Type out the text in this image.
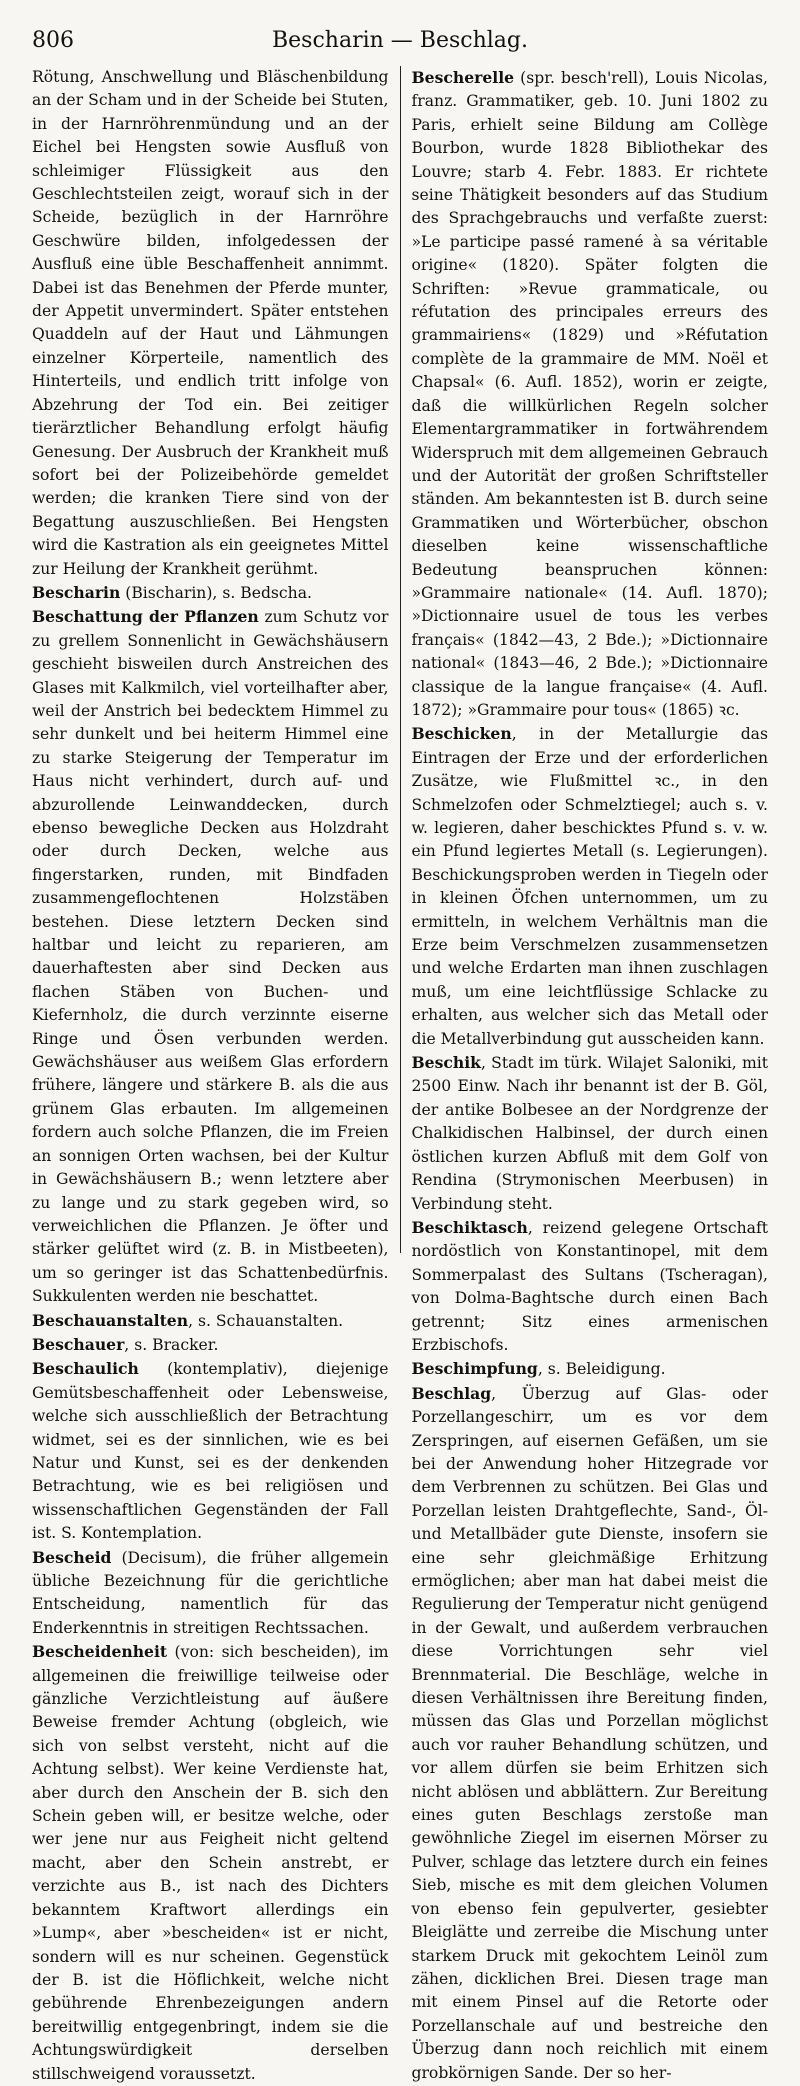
806	Bescharin — Beschlag.

Rötung, Anschwellung und Bläschenbildung an der Scham und in der Scheide bei Stuten, in der Harnröhrenmündung und an der Eichel bei Hengsten sowie Ausfluß von schleimiger Flüssigkeit aus den Geschlechtsteilen zeigt, worauf sich in der Scheide, bezüglich in der Harnröhre Geschwüre bilden, infolgedessen der Ausfluß eine üble Beschaffenheit annimmt. Dabei ist das Benehmen der Pferde munter, der Appetit unvermindert. Später entstehen Quaddeln auf der Haut und Lähmungen einzelner Körperteile, namentlich des Hinterteils, und endlich tritt infolge von Abzehrung der Tod ein. Bei zeitiger tierärztlicher Behandlung erfolgt häufig Genesung. Der Ausbruch der Krankheit muß sofort bei der Polizeibehörde gemeldet werden; die kranken Tiere sind von der Begattung auszuschließen. Bei Hengsten wird die Kastration als ein geeignetes Mittel zur Heilung der Krankheit gerühmt.

Bescharin (Bischarin), s. Bedscha.

Beschattung der Pflanzen zum Schutz vor zu grellem Sonnenlicht in Gewächshäusern geschieht bisweilen durch Anstreichen des Glases mit Kalkmilch, viel vorteilhafter aber, weil der Anstrich bei bedecktem Himmel zu sehr dunkelt und bei heiterm Himmel eine zu starke Steigerung der Temperatur im Haus nicht verhindert, durch auf- und abzurollende Leinwanddecken, durch ebenso bewegliche Decken aus Holzdraht oder durch Decken, welche aus fingerstarken, runden, mit Bindfaden zusammengeflochtenen Holzstäben bestehen. Diese letztern Decken sind haltbar und leicht zu reparieren, am dauerhaftesten aber sind Decken aus flachen Stäben von Buchen- und Kiefernholz, die durch verzinnte eiserne Ringe und Ösen verbunden werden. Gewächshäuser aus weißem Glas erfordern frühere, längere und stärkere B. als die aus grünem Glas erbauten. Im allgemeinen fordern auch solche Pflanzen, die im Freien an sonnigen Orten wachsen, bei der Kultur in Gewächshäusern B.; wenn letztere aber zu lange und zu stark gegeben wird, so verweichlichen die Pflanzen. Je öfter und stärker gelüftet wird (z. B. in Mistbeeten), um so geringer ist das Schattenbedürfnis. Sukkulenten werden nie beschattet.

Beschauanstalten, s. Schauanstalten.

Beschauer, s. Bracker.

Beschaulich (kontemplativ), diejenige Gemütsbeschaffenheit oder Lebensweise, welche sich ausschließlich der Betrachtung widmet, sei es der sinnlichen, wie es bei Natur und Kunst, sei es der denkenden Betrachtung, wie es bei religiösen und wissenschaftlichen Gegenständen der Fall ist. S. Kontemplation.

Bescheid (Decisum), die früher allgemein übliche Bezeichnung für die gerichtliche Entscheidung, namentlich für das Enderkenntnis in streitigen Rechtssachen.

Bescheidenheit (von: sich bescheiden), im allgemeinen die freiwillige teilweise oder gänzliche Verzichtleistung auf äußere Beweise fremder Achtung (obgleich, wie sich von selbst versteht, nicht auf die Achtung selbst). Wer keine Verdienste hat, aber durch den Anschein der B. sich den Schein geben will, er besitze welche, oder wer jene nur aus Feigheit nicht geltend macht, aber den Schein anstrebt, er verzichte aus B., ist nach des Dichters bekanntem Kraftwort allerdings ein »Lump«, aber »bescheiden« ist er nicht, sondern will es nur scheinen. Gegenstück der B. ist die Höflichkeit, welche nicht gebührende Ehrenbezeigungen andern bereitwillig entgegenbringt, indem sie die Achtungswürdigkeit derselben stillschweigend voraussetzt.

Bescherelle (spr. besch'rell), Louis Nicolas, franz. Grammatiker, geb. 10. Juni 1802 zu Paris, erhielt seine Bildung am Collège Bourbon, wurde 1828 Bibliothekar des Louvre; starb 4. Febr. 1883. Er richtete seine Thätigkeit besonders auf das Studium des Sprachgebrauchs und verfaßte zuerst: »Le participe passé ramené à sa véritable origine« (1820). Später folgten die Schriften: »Revue grammaticale, ou réfutation des principales erreurs des grammairiens« (1829) und »Réfutation complète de la grammaire de MM. Noël et Chapsal« (6. Aufl. 1852), worin er zeigte, daß die willkürlichen Regeln solcher Elementargrammatiker in fortwährendem Widerspruch mit dem allgemeinen Gebrauch und der Autorität der großen Schriftsteller ständen. Am bekanntesten ist B. durch seine Grammatiken und Wörterbücher, obschon dieselben keine wissenschaftliche Bedeutung beanspruchen können: »Grammaire nationale« (14. Aufl. 1870); »Dictionnaire usuel de tous les verbes français« (1842—43, 2 Bde.); »Dictionnaire national« (1843—46, 2 Bde.); »Dictionnaire classique de la langue française« (4. Aufl. 1872); »Grammaire pour tous« (1865) ꝛc.

Beschicken, in der Metallurgie das Eintragen der Erze und der erforderlichen Zusätze, wie Flußmittel ꝛc., in den Schmelzofen oder Schmelztiegel; auch s. v. w. legieren, daher beschicktes Pfund s. v. w. ein Pfund legiertes Metall (s. Legierungen). Beschickungsproben werden in Tiegeln oder in kleinen Öfchen unternommen, um zu ermitteln, in welchem Verhältnis man die Erze beim Verschmelzen zusammensetzen und welche Erdarten man ihnen zuschlagen muß, um eine leichtflüssige Schlacke zu erhalten, aus welcher sich das Metall oder die Metallverbindung gut ausscheiden kann.

Beschik, Stadt im türk. Wilajet Saloniki, mit 2500 Einw. Nach ihr benannt ist der B. Göl, der antike Bolbesee an der Nordgrenze der Chalkidischen Halbinsel, der durch einen östlichen kurzen Abfluß mit dem Golf von Rendina (Strymonischen Meerbusen) in Verbindung steht.

Beschiktasch, reizend gelegene Ortschaft nordöstlich von Konstantinopel, mit dem Sommerpalast des Sultans (Tscheragan), von Dolma-Baghtsche durch einen Bach getrennt; Sitz eines armenischen Erzbischofs.

Beschimpfung, s. Beleidigung.

Beschlag, Überzug auf Glas- oder Porzellangeschirr, um es vor dem Zerspringen, auf eisernen Gefäßen, um sie bei der Anwendung hoher Hitzegrade vor dem Verbrennen zu schützen. Bei Glas und Porzellan leisten Drahtgeflechte, Sand-, Öl- und Metallbäder gute Dienste, insofern sie eine sehr gleichmäßige Erhitzung ermöglichen; aber man hat dabei meist die Regulierung der Temperatur nicht genügend in der Gewalt, und außerdem verbrauchen diese Vorrichtungen sehr viel Brennmaterial. Die Beschläge, welche in diesen Verhältnissen ihre Bereitung finden, müssen das Glas und Porzellan möglichst auch vor rauher Behandlung schützen, und vor allem dürfen sie beim Erhitzen sich nicht ablösen und abblättern. Zur Bereitung eines guten Beschlags zerstoße man gewöhnliche Ziegel im eisernen Mörser zu Pulver, schlage das letztere durch ein feines Sieb, mische es mit dem gleichen Volumen von ebenso fein gepulverter, gesiebter Bleiglätte und zerreibe die Mischung unter starkem Druck mit gekochtem Leinöl zum zähen, dicklichen Brei. Diesen trage man mit einem Pinsel auf die Retorte oder Porzellanschale auf und bestreiche den Überzug dann noch reichlich mit einem grobkörnigen Sande. Der so her-
